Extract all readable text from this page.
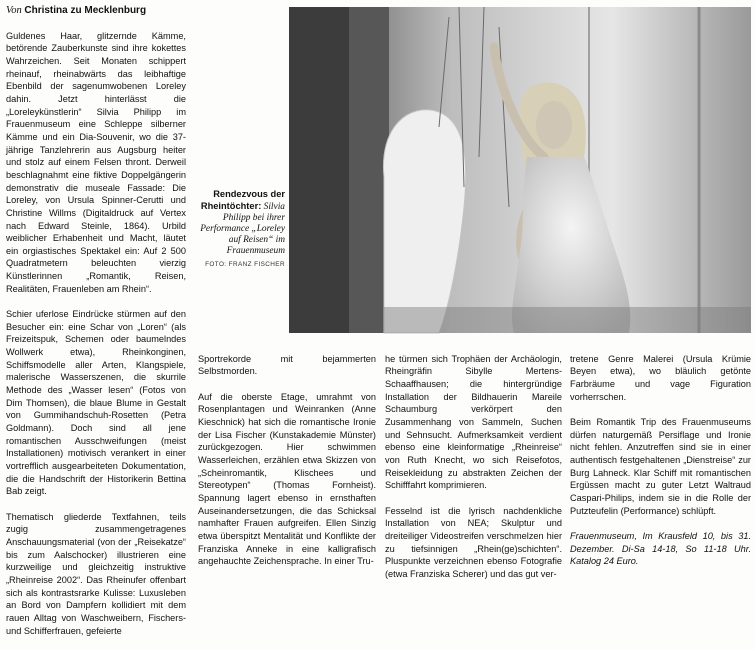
Von Christina zu Mecklenburg

Guldenes Haar, glitzernde Kämme, betörende Zauberkunste sind ihre kokettes Wahrzeichen. Seit Monaten schippert rheinauf, rheinabwärts das leibhaftige Ebenbild der sagenumwobenen Loreley dahin. Jetzt hinterlässt die „Loreleykünstlerin“ Silvia Philipp im Frauenmuseum eine Schleppe silberner Kämme und ein Dia-Souvenir, wo die 37-jährige Tanzlehrerin aus Augsburg heiter und stolz auf einem Felsen thront. Derweil beschlagnahmt eine fiktive Doppelgängerin demonstrativ die museale Fassade: Die Loreley, von Ursula Spinner-Cerutti und Christine Willms (Digitaldruck auf Vertex nach Edward Steinle, 1864). Urbild weiblicher Erhabenheit und Macht, läutet ein orgiastisches Spektakel ein: Auf 2 500 Quadratmetern beleuchten vierzig Künstlerinnen „Romantik, Reisen, Realitäten, Frauenleben am Rhein“.

Schier uferlose Eindrücke stürmen auf den Besucher ein: eine Schar von „Loren“ (als Freizeitspuk, Schemen oder baumelndes Wollwerk etwa), Rheinkonginen, Schiffsmodelle aller Arten, Klangspiele, malerische Wasserszenen, die skurrile Methode des „Wasser lesen“ (Fotos von Dim Thomsen), die blaue Blume in Gestalt von Gummihandschuh-Rosetten (Petra Goldmann). Doch sind all jene romantischen Ausschweifungen (meist Installationen) motivisch verankert in einer vortrefflich ausgearbeiteten Dokumentation, die die Handschrift der Historikerin Bettina Bab zeigt.

Thematisch gliederde Textfahnen, teils zugig zusammengetragenes Anschauungsmaterial (von der „Reisekatze“ bis zum Aalschocker) illustrieren eine kurzweilige und gleichzeitig instruktive „Rheinreise 2002“. Das Rheinufer offenbart sich als kontrastsrarke Kulisse: Luxusleben an Bord von Dampfern kollidiert mit dem rauen Alltag von Waschweibern, Fischers- und Schifferfrauen, gefeierte

Rendezvous der Rheintöchter: Silvia Philipp bei ihrer Performance „Loreley auf Reisen“ im Frauenmuseum
FOTO: FRANZ FISCHER

Sportrekorde mit bejammerten Selbstmorden.

Auf die oberste Etage, umrahmt von Rosenplantagen und Weinranken (Anne Kieschnick) hat sich die romantische Ironie der Lisa Fischer (Kunstakademie Münster) zurückgezogen. Hier schwimmen Wasserleichen, erzählen etwa Skizzen von „Scheinromantik, Klischees und Stereotypen“ (Thomas Fornheist). Spannung lagert ebenso in ernsthaften Auseinandersetzungen, die das Schicksal namhafter Frauen aufgreifen. Ellen Sinzig etwa überspitzt Mentalität und Konflikte der Franziska Anneke in eine kalligrafisch angehauchte Zeichensprache. In einer Tru-

he türmen sich Trophäen der Archäologin, Rheingräfin Sibylle Mertens-Schaaffhausen; die hintergründige Installation der Bildhauerin Mareile Schaumburg verkörpert den Zusammenhang von Sammeln, Suchen und Sehnsucht. Aufmerksamkeit verdient ebenso eine kleinformatige „Rheinreise“ von Ruth Knecht, wo sich Reisefotos, Reisekleidung zu abstrakten Zeichen der Schifffahrt komprimieren.

Fesselnd ist die lyrisch nachdenkliche Installation von NEA; Skulptur und dreiteiliger Videostreifen verschmelzen hier zu tiefsinnigen „Rhein(ge)schichten“. Pluspunkte verzeichnen ebenso Fotografie (etwa Franziska Scherer) und das gut ver-

tretene Genre Malerei (Ursula Krümie Beyen etwa), wo bläulich getönte Farbräume und vage Figuration vorherrschen.

Beim Romantik Trip des Frauenmuseums dürfen naturgemäß Persiflage und Ironie nicht fehlen. Anzutreffen sind sie in einer authentisch festgehaltenen „Dienstreise“ zur Burg Lahneck. Klar Schiff mit romantischen Ergüssen macht zu guter Letzt Waltraud Caspari-Philips, indem sie in die Rolle der Putzteufelin (Performance) schlüpft.

Frauenmuseum, Im Krausfeld 10, bis 31. Dezember. Di-Sa 14-18, So 11-18 Uhr. Katalog 24 Euro.
